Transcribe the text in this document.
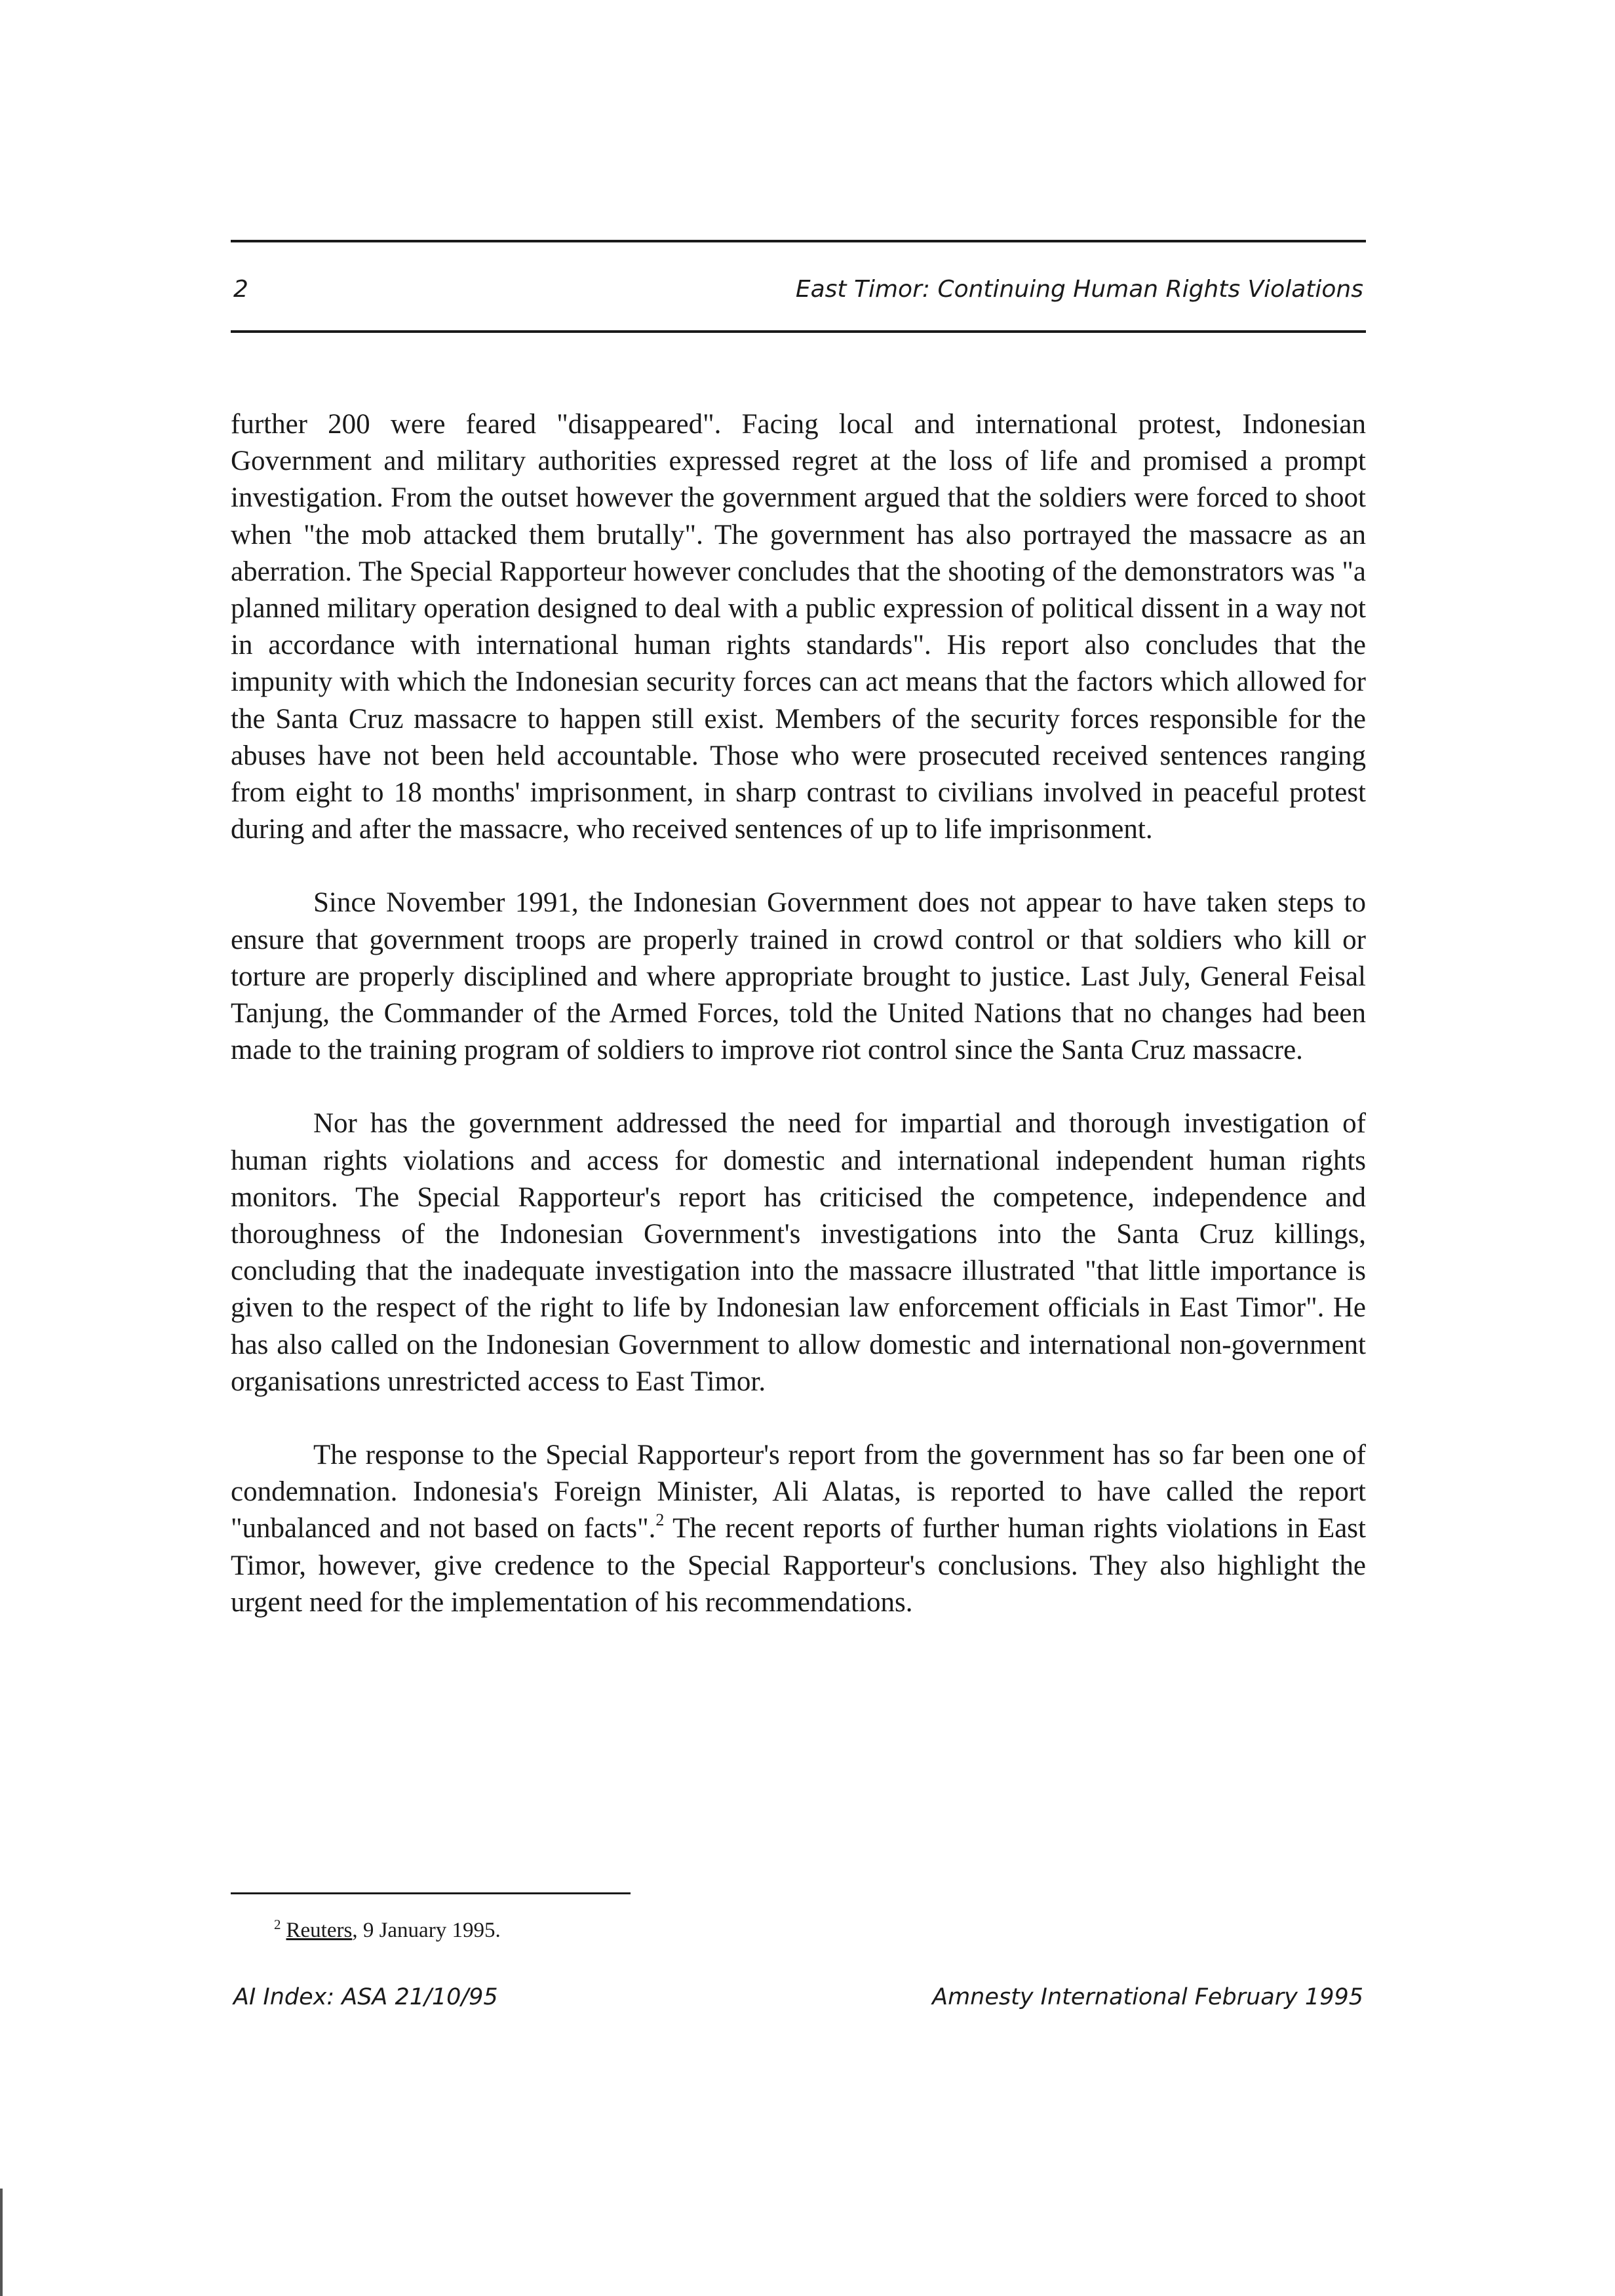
2	East Timor: Continuing Human Rights Violations

further 200 were feared "disappeared". Facing local and international protest, Indonesian Government and military authorities expressed regret at the loss of life and promised a prompt investigation. From the outset however the government argued that the soldiers were forced to shoot when "the mob attacked them brutally". The government has also portrayed the massacre as an aberration. The Special Rapporteur however concludes that the shooting of the demonstrators was "a planned military operation designed to deal with a public expression of political dissent in a way not in accordance with international human rights standards". His report also concludes that the impunity with which the Indonesian security forces can act means that the factors which allowed for the Santa Cruz massacre to happen still exist. Members of the security forces responsible for the abuses have not been held accountable. Those who were prosecuted received sentences ranging from eight to 18 months' imprisonment, in sharp contrast to civilians involved in peaceful protest during and after the massacre, who received sentences of up to life imprisonment.

Since November 1991, the Indonesian Government does not appear to have taken steps to ensure that government troops are properly trained in crowd control or that soldiers who kill or torture are properly disciplined and where appropriate brought to justice. Last July, General Feisal Tanjung, the Commander of the Armed Forces, told the United Nations that no changes had been made to the training program of soldiers to improve riot control since the Santa Cruz massacre.

Nor has the government addressed the need for impartial and thorough investigation of human rights violations and access for domestic and international independent human rights monitors. The Special Rapporteur's report has criticised the competence, independence and thoroughness of the Indonesian Government's investigations into the Santa Cruz killings, concluding that the inadequate investigation into the massacre illustrated "that little importance is given to the respect of the right to life by Indonesian law enforcement officials in East Timor". He has also called on the Indonesian Government to allow domestic and international non-government organisations unrestricted access to East Timor.

The response to the Special Rapporteur's report from the government has so far been one of condemnation. Indonesia's Foreign Minister, Ali Alatas, is reported to have called the report "unbalanced and not based on facts".$^2$ The recent reports of further human rights violations in East Timor, however, give credence to the Special Rapporteur's conclusions. They also highlight the urgent need for the implementation of his recommendations.

$^2$ Reuters, 9 January 1995.
AI Index: ASA 21/10/95	Amnesty International February 1995
